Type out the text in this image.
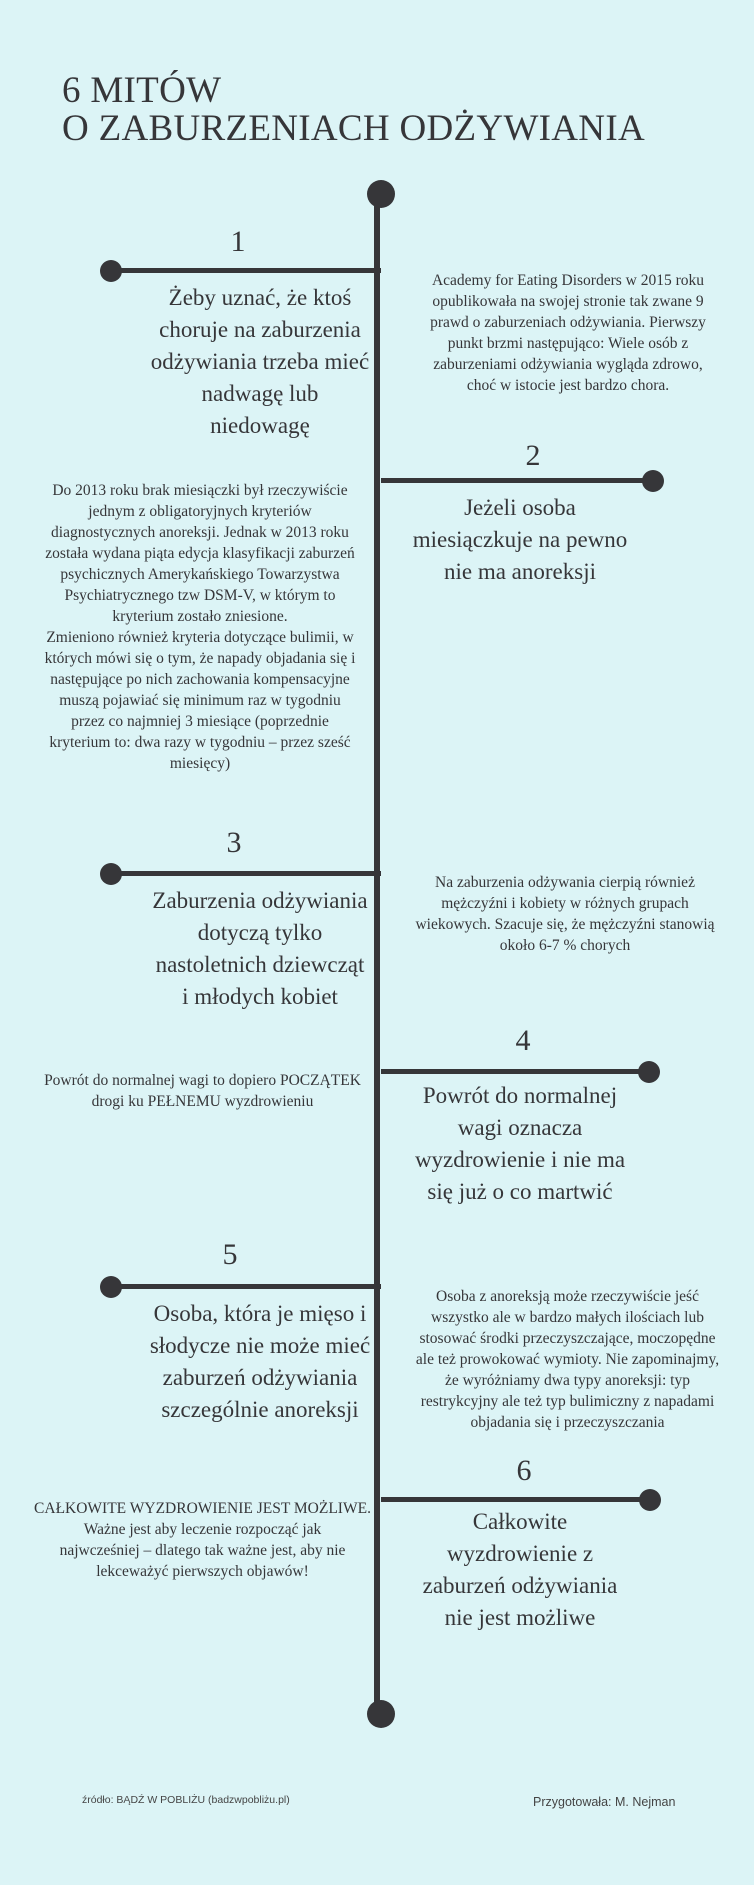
6 MITÓW
O ZABURZENIACH ODŻYWIANIA
1
Żeby uznać, że ktoś
choruje na zaburzenia
odżywiania trzeba mieć
nadwagę lub
niedowagę
Academy for Eating Disorders w 2015 roku
opublikowała na swojej stronie tak zwane 9
prawd o zaburzeniach odżywiania. Pierwszy
punkt brzmi następująco: Wiele osób z
zaburzeniami odżywiania wygląda zdrowo,
choć w istocie jest bardzo chora.
2
Jeżeli osoba
miesiączkuje na pewno
nie ma anoreksji
Do 2013 roku brak miesiączki był rzeczywiście
jednym z obligatoryjnych kryteriów
diagnostycznych anoreksji. Jednak w 2013 roku
została wydana piąta edycja klasyfikacji zaburzeń
psychicznych Amerykańskiego Towarzystwa
Psychiatrycznego tzw DSM-V, w którym to
kryterium zostało zniesione.
Zmieniono również kryteria dotyczące bulimii, w
których mówi się o tym, że napady objadania się i
następujące po nich zachowania kompensacyjne
muszą pojawiać się minimum raz w tygodniu
przez co najmniej 3 miesiące (poprzednie
kryterium to: dwa razy w tygodniu – przez sześć
miesięcy)
3
Zaburzenia odżywiania
dotyczą tylko
nastoletnich dziewcząt
i młodych kobiet
Na zaburzenia odżywania cierpią również
mężczyźni i kobiety w różnych grupach
wiekowych. Szacuje się, że mężczyźni stanowią
około 6-7 % chorych
4
Powrót do normalnej
wagi oznacza
wyzdrowienie i nie ma
się już o co martwić
Powrót do normalnej wagi to dopiero POCZĄTEK
drogi ku PEŁNEMU wyzdrowieniu
5
Osoba, która je mięso i
słodycze nie może mieć
zaburzeń odżywiania
szczególnie anoreksji
Osoba z anoreksją może rzeczywiście jeść
wszystko ale w bardzo małych ilościach lub
stosować środki przeczyszczające, moczopędne
ale też prowokować wymioty. Nie zapominajmy,
że wyróżniamy dwa typy anoreksji: typ
restrykcyjny ale też typ bulimiczny z napadami
objadania się i przeczyszczania
6
Całkowite
wyzdrowienie z
zaburzeń odżywiania
nie jest możliwe
CAŁKOWITE WYZDROWIENIE JEST MOŻLIWE.
Ważne jest aby leczenie rozpocząć jak
najwcześniej – dlatego tak ważne jest, aby nie
lekceważyć pierwszych objawów!
źródło: BĄDŹ W POBLIŻU (badzwpobliżu.pl)	Przygotowała: M. Nejman
